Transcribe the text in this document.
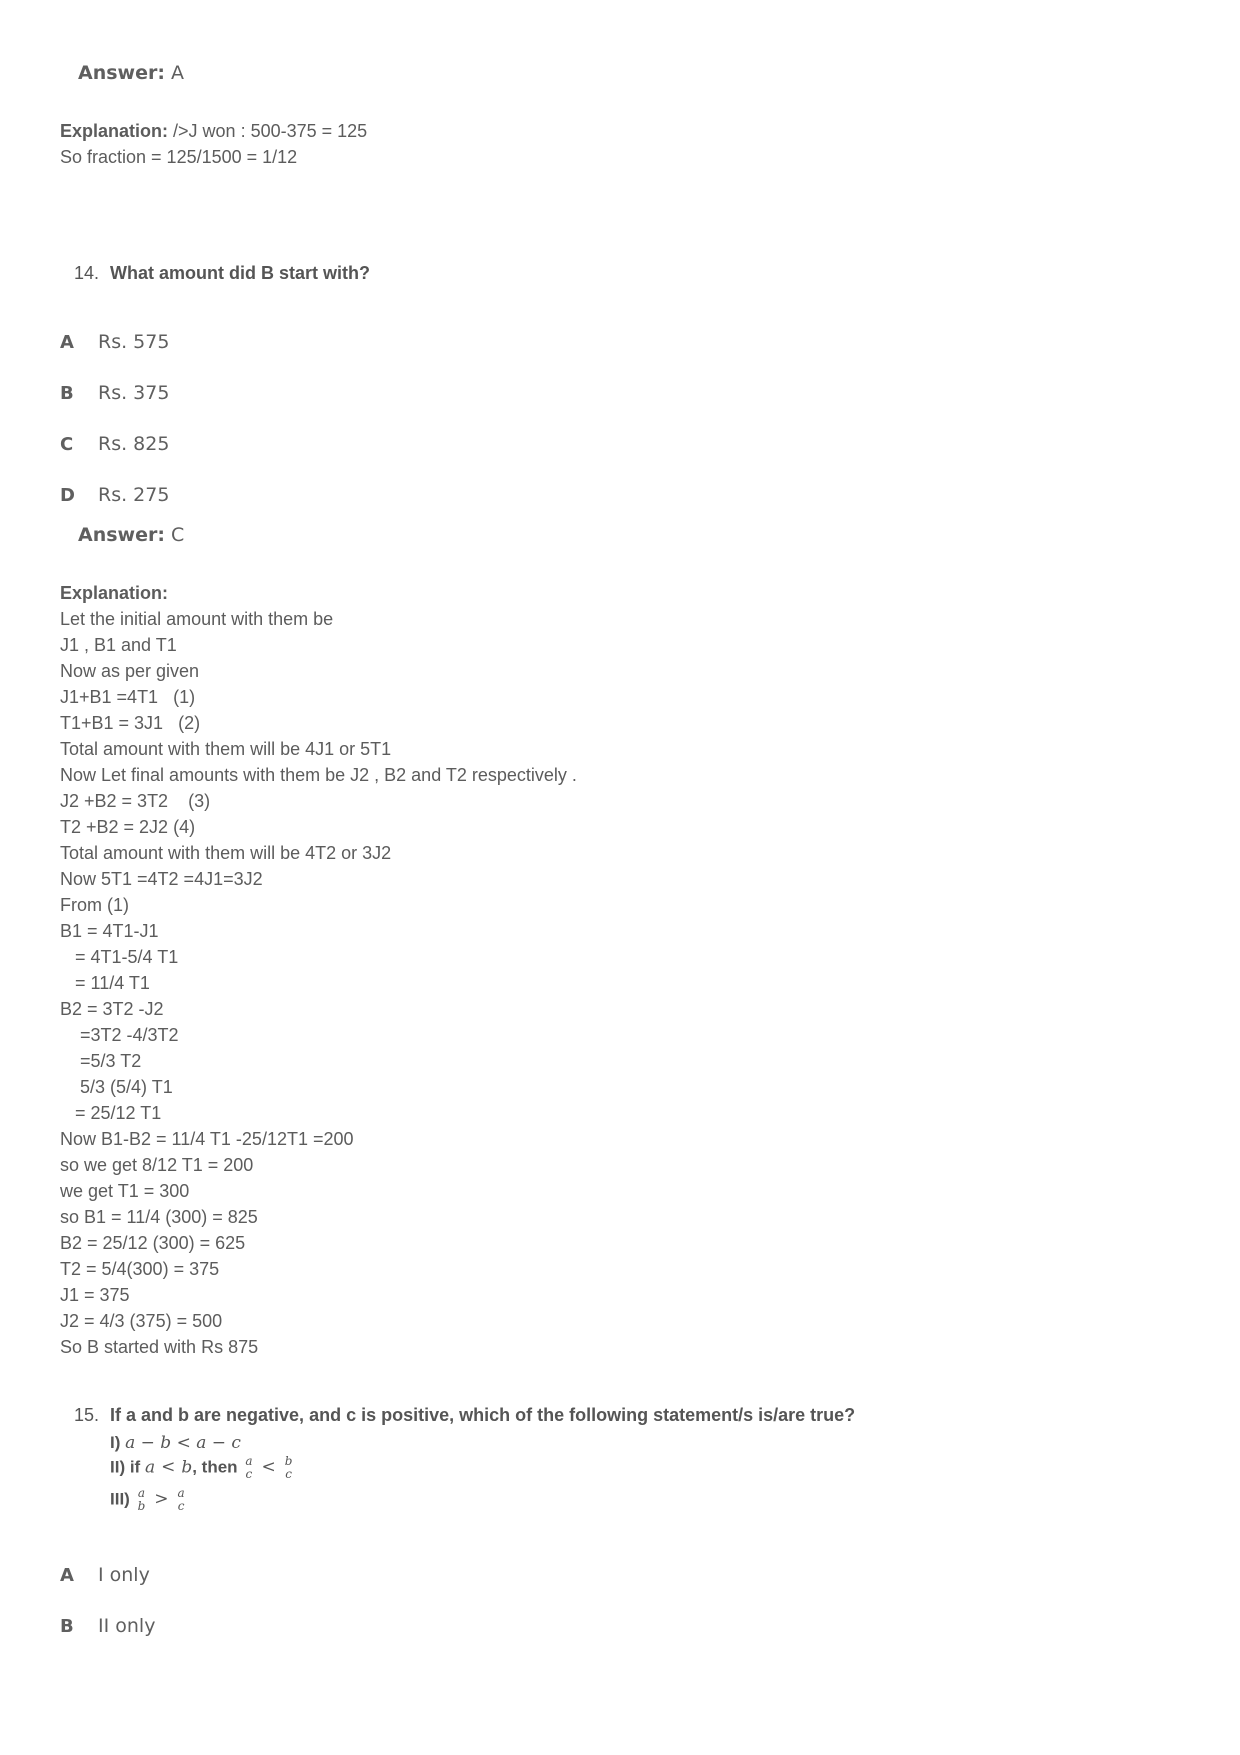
Answer: A
Explanation: />J won : 500-375 = 125
So fraction = 125/1500 = 1/12
14. What amount did B start with?
A Rs. 575
B Rs. 375
C Rs. 825
D Rs. 275
Answer: C
Explanation:
Let the initial amount with them be
J1 , B1 and T1
Now as per given
J1+B1 =4T1   (1)
T1+B1 = 3J1   (2)
Total amount with them will be 4J1 or 5T1
Now Let final amounts with them be J2 , B2 and T2 respectively .
J2 +B2 = 3T2    (3)
T2 +B2 = 2J2 (4)
Total amount with them will be 4T2 or 3J2
Now 5T1 =4T2 =4J1=3J2
From (1)
B1 = 4T1-J1
= 4T1-5/4 T1
= 11/4 T1
B2 = 3T2 -J2
=3T2 -4/3T2
=5/3 T2
5/3 (5/4) T1
= 25/12 T1
Now B1-B2 = 11/4 T1 -25/12T1 =200
so we get 8/12 T1 = 200
we get T1 = 300
so B1 = 11/4 (300) = 825
B2 = 25/12 (300) = 625
T2 = 5/4(300) = 375
J1 = 375
J2 = 4/3 (375) = 500
So B started with Rs 875
15. If a and b are negative, and c is positive, which of the following statement/s is/are true?
I) a − b < a − c
II) if a < b, then a
c < b
c
III) a
b > a
c
A I only
B II only
